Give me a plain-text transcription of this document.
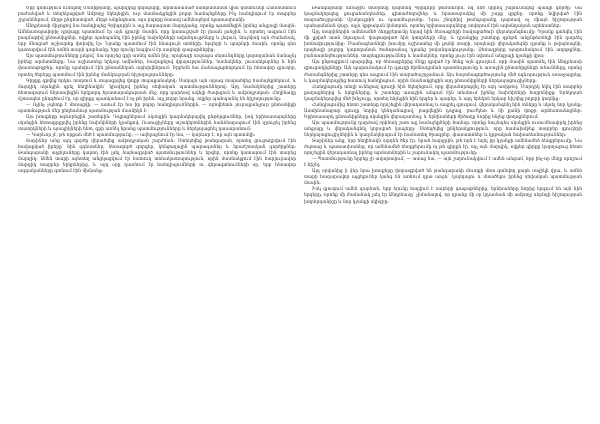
Երբ գոյություն ունեցող Սամիթյանը, պարզվեց կերպարը, արտասանած մանրամասնն վրա կատուներ Հաստատուն բաժանված և տեղեկացված Ամբողջ եկեղեցին, ուր մասնակցեցին բոլոր համայնքները Ինչ հանդիպում էր տարբեր շրջաններում, մերթ ընդհատված, մերթ անընդհատ, այս բոլորը հասավ ամենաջերմ պատասխանի:

Անդրեասի միջոցով նա հանդիպեց Գրիգորին և այլ հարազատ մարդկանց, որոնք պատմեցին իրենց անցյալի մասին: Ամենատպավորիչ դրվագը պատմում էր այն գյուղի մասին, որը կառուցված էր լեռան լանջին, և որտեղ ապրում էին բազմաթիվ ընտանիքներ, ովքեր պահպանել էին իրենց նախնիների ավանդույթները և լեզուն, նույնիսկ այն ժամանակ, երբ մնացած աշխարհը փոխվել էր: Նրանք պատմում էին հնագույն տոների, երգերի և պարերի մասին, որոնք դեռ կատարվում էին ամեն տարի գարնանը, երբ ձյունը հալվում էր սարերի գագաթներից:

Այս պատմությունները լսելով՝ նա որոշեց գրի առնել ամեն ինչ, որպեսզի ապագա սերունդները կարողանան ճանաչել իրենց արմատները: Նա աշխատեց երկար ամիսներ, հավաքելով վկայություններ, նամակներ, լուսանկարներ և հին փաստաթղթեր, որոնք պահվում էին ընտանեկան արխիվներում: Երբեմն նա ճանապարհորդում էր հեռավոր գյուղեր, որտեղ ծերերը պատմում էին իրենց մանկության հիշողությունները:

Գիրքը գրվեց երկու տարում և տպագրվեց փոքր տպաքանակով: Սակայն այն արագ տարածվեց համայնքներում, և մարդիկ սկսեցին գրել հեղինակին՝ կիսվելով իրենց սեփական պատմություններով: Այդ նամակներից շատերը հետագայում ներառվեցին երկրորդ հրատարակության մեջ, որը դարձավ ավելի ծավալուն և ամբողջական: Հեղինակը մշտապես ընդգծում էր, որ գիրքը պատկանում է ոչ թե իրեն, այլ բոլոր նրանց, ովքեր պահպանել են հիշողությունը:

— Ոչինչ չպետք է մոռացվի, — ասում էր նա իր բոլոր հանդիպումներին, — որովհետև յուրաքանչյուր ընտանիքի պատմություն մեր ընդհանուր պատմության մասնիկն է:

Այս խոսքերը ոգևորեցին շատերին: Դպրոցներում սկսեցին կազմակերպվել ընթերցումներ, իսկ երիտասարդները սկսեցին հետաքրքրվել իրենց նախնիների կյանքով: Ուսուցիչները աշակերտներին հանձնարարում էին զրուցել իրենց տատիկների և պապիկների հետ, գրի առնել նրանց պատմությունները և ներկայացնել դասարանում:

— Կարևոր չէ, թե որքան մեծ է պատմությունը, — ավելացնում էր նա, — կարևոր է, որ այն պատմվի:

Տարիներ անց այդ գործը վերածվեց ամբողջական շարժման: Ստեղծվեց թանգարան, որտեղ ցուցադրվում էին հավաքված իրերը՝ հին զգեստներ, ձեռագործ գորգեր, կենցաղային պարագաներ և երաժշտական գործիքներ: Թանգարանի այցելուները կարող էին լսել ձայնագրված պատմություններ և երգեր, որոնք կատարում էին տարեց մարդիկ: Ամեն տարի այնտեղ անցկացվում էր հատուկ տոնակատարություն, որին մասնակցում էին հարյուրավոր մարդիկ տարբեր երկրներից, և այդ օրը դառնում էր հանդիպումների ու վերագտնումների օր, երբ հեռավոր ազգականները գտնում էին միմյանց:

Թանգարանի առաջին տնօրենը դարձավ Գրիգորի թոռնուհին, ով մեծ սիրով շարունակեց պապի գործը: Նա կազմակերպեց ցուցահանդեսներ, գիտաժողովներ և հրատարակեց մի շարք գրքեր, որոնք նվիրված էին տարածաշրջանի մշակույթին ու պատմությանը: Նրա շնորհիվ թանգարանը դարձավ ոչ միայն հիշողության պահպանման վայր, այլև կրթական կենտրոն, որտեղ երիտասարդները սովորում էին ավանդական արհեստներ:

Այդ տարիներին ամենամեծ ձեռքբերումը եղավ հին ձեռագրերի հավաքածուի վերականգնումը: Դրանք գտնվել էին մի լքված տան նկուղում, փաթաթված հին կտորների մեջ, և դրանցից շատերը գրեթե անընթեռնելի էին դարձել խոնավությունից: Մասնագետների խումբը աշխատեց մի քանի տարի, որպեսզի վերականգնի դրանք և թվայնացնի, որպեսզի բոլորը կարողանան ծանոթանալ դրանց բովանդակությանը: Ձեռագրերը պարունակում էին աղոթքներ, բանաստեղծություններ, տարեգրություններ և նամակներ, որոնք լույս էին սփռում անցյալի կյանքի վրա:

Այս ընթացքում պարզվեց, որ ձեռագրերից մեկը գրված էր հենց այն գյուղում, որի մասին պատմել էին Անդրեասի զրուցակիցները: Այն պարունակում էր գյուղի հիմնադրման պատմությունը և առաջին ընտանիքների անունները, որոնց ժառանգներից շատերը դեռ ապրում էին տարածաշրջանում: Այս հայտնագործությունը մեծ ոգևորություն առաջացրեց, և կազմակերպվեց հատուկ հանդիպում, որին մասնակցեցին այդ ընտանիքների ներկայացուցիչները:

Հանդիպումը տեղի ունեցավ գյուղի հին եկեղեցում, որը վերանորոգվել էր այդ առիթով: Մարդիկ եկել էին տարբեր քաղաքներից և երկրներից, և շատերը առաջին անգամ էին տեսնում իրենց նախնիների հայրենիքը: Երեկոյան կազմակերպվեց մեծ խնջույք, որտեղ հնչեցին հին երգեր և պարեր, և այդ երեկոն երկար հիշվեց բոլորի կողմից:

Հանդիպումից հետո շատերը որոշեցին վերադառնալ և ապրել գյուղում, վերականգնել հին տները և սկսել նոր կյանք: Աստիճանաբար գյուղը նորից կենդանացավ, բացվեցին դպրոց, բուժկետ և մի քանի փոքր արհեստանոցներ: Երիտասարդ ընտանիքները սկսեցին վերադառնալ, և երեխաների ծիծաղը նորից հնչեց փողոցներում:

Այս պատմությունը դարձավ օրինակ շատ այլ համայնքների համար, որոնք նույնպես սկսեցին ուսումնասիրել իրենց անցյալը և վերականգնել կորսված կապերը: Ստեղծվեց ընկերակցություն, որը համախմբեց տարբեր գյուղերի ներկայացուցիչներին և կազմակերպում էր համատեղ ծրագրեր, փառատոներ և կրթական նախաձեռնություններ:

Տարիներ անց, երբ հեղինակն արդեն ծեր էր, նրան հարցրին, թե որն է եղել իր կյանքի ամենամեծ ձեռքբերումը: Նա ժպտաց և պատասխանեց, որ ամենամեծ ձեռքբերումը ոչ թե գիրքն էր, այլ այն մարդիկ, ովքեր գիրքը կարդալուց հետո որոշեցին վերադառնալ իրենց արմատներին և շարունակել պատմությունը:

— Պատմությունը երբեք չի ավարտվում, — ասաց նա, — այն շարունակվում է ամեն անգամ, երբ ինչ-որ մեկը որոշում է հիշել:

Այդ օրվանից ի վեր նրա խոսքերը փորագրված են թանգարանի մուտքի մոտ գտնվող քարե սալիկի վրա, և ամեն տարի հազարավոր այցելուներ կանգ են առնում դրա առջև՝ կարդալու և մտածելու իրենց սեփական պատմության մասին:

Իսկ գյուղում ամեն գարնան, երբ ձյունը հալվում է սարերի գագաթներից, երեխաները նորից երգում են այն հին երգերը, որոնք մի ժամանակ լսել էր Անդրեասը՝ չիմանալով, որ դրանք մի օր կդառնան մի ամբողջ սերնդի հիշողության խորհրդանիշը և նոր կյանքի սկիզբը:
